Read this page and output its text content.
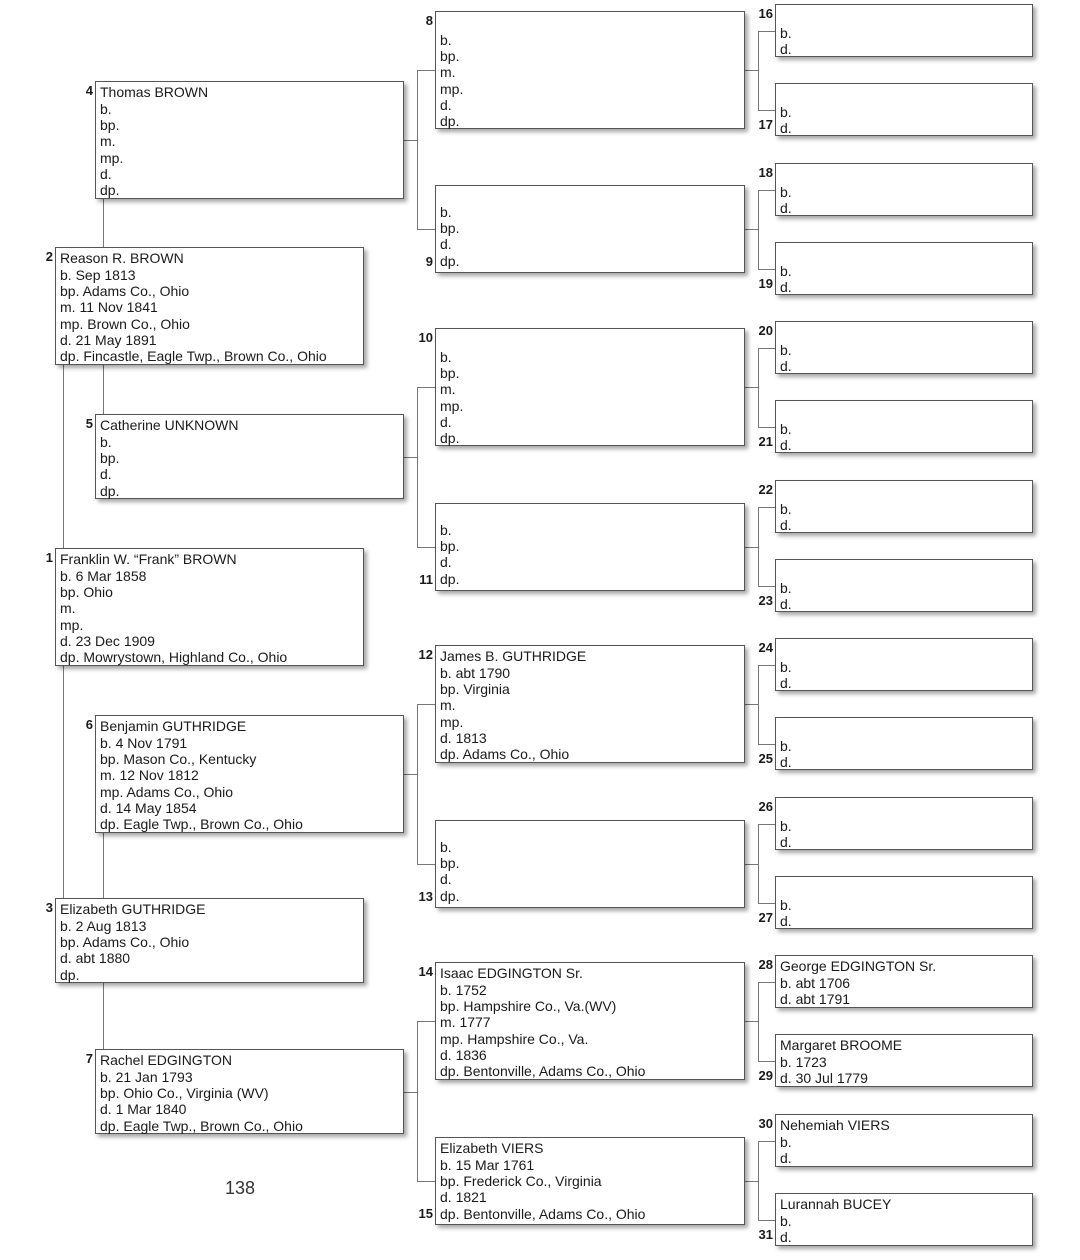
Franklin W. “Frank” BROWN
b. 6 Mar 1858
bp. Ohio
m.
mp.
d. 23 Dec 1909
dp. Mowrystown, Highland Co., Ohio
1
Reason R. BROWN
b. Sep 1813
bp. Adams Co., Ohio
m. 11 Nov 1841
mp. Brown Co., Ohio
d. 21 May 1891
dp. Fincastle, Eagle Twp., Brown Co., Ohio
2
Elizabeth GUTHRIDGE
b. 2 Aug 1813
bp. Adams Co., Ohio
d. abt 1880
dp.
3
Thomas BROWN
b.
bp.
m.
mp.
d.
dp.
4
Catherine UNKNOWN
b.
bp.
d.
dp.
5
Benjamin GUTHRIDGE
b. 4 Nov 1791
bp. Mason Co., Kentucky
m. 12 Nov 1812
mp. Adams Co., Ohio
d. 14 May 1854
dp. Eagle Twp., Brown Co., Ohio
6
Rachel EDGINGTON
b. 21 Jan 1793
bp. Ohio Co., Virginia (WV)
d. 1 Mar 1840
dp. Eagle Twp., Brown Co., Ohio
7
b.
bp.
m.
mp.
d.
dp.
8
b.
bp.
d.
dp.
9
b.
bp.
m.
mp.
d.
dp.
10
b.
bp.
d.
dp.
11
James B. GUTHRIDGE
b. abt 1790
bp. Virginia
m.
mp.
d. 1813
dp. Adams Co., Ohio
12
b.
bp.
d.
dp.
13
Isaac EDGINGTON Sr.
b. 1752
bp. Hampshire Co., Va.(WV)
m. 1777
mp. Hampshire Co., Va.
d. 1836
dp. Bentonville, Adams Co., Ohio
14
Elizabeth VIERS
b. 15 Mar 1761
bp. Frederick Co., Virginia
d. 1821
dp. Bentonville, Adams Co., Ohio
15
b.
d.
16
b.
d.
17
b.
d.
18
b.
d.
19
b.
d.
20
b.
d.
21
b.
d.
22
b.
d.
23
b.
d.
24
b.
d.
25
b.
d.
26
b.
d.
27
George EDGINGTON Sr.
b. abt 1706
d. abt 1791
28
Margaret BROOME
b. 1723
d. 30 Jul 1779
29
Nehemiah VIERS
b.
d.
30
Lurannah BUCEY
b.
d.
31
138
